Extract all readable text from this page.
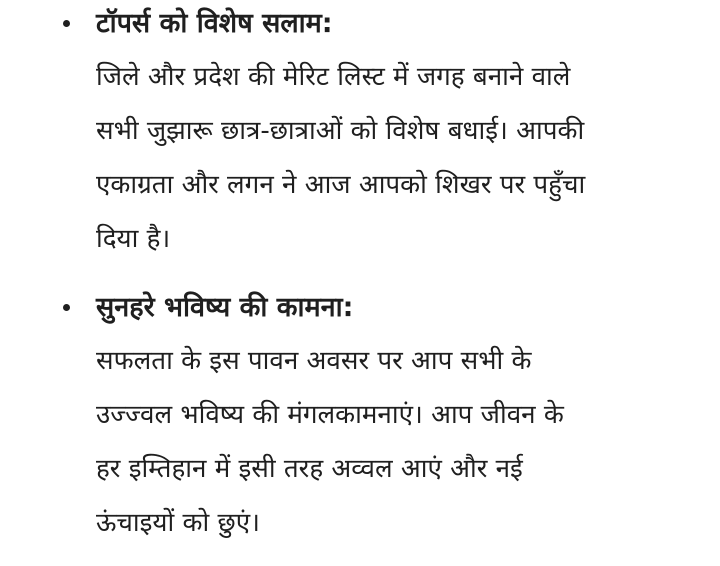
टॉपर्स को विशेष सलाम:
जिले और प्रदेश की मेरिट लिस्ट में जगह बनाने वाले
सभी जुझारू छात्र-छात्राओं को विशेष बधाई। आपकी
एकाग्रता और लगन ने आज आपको शिखर पर पहुँचा
दिया है।
सुनहरे भविष्य की कामना:
सफलता के इस पावन अवसर पर आप सभी के
उज्ज्वल भविष्य की मंगलकामनाएं। आप जीवन के
हर इम्तिहान में इसी तरह अव्वल आएं और नई
ऊंचाइयों को छुएं।
